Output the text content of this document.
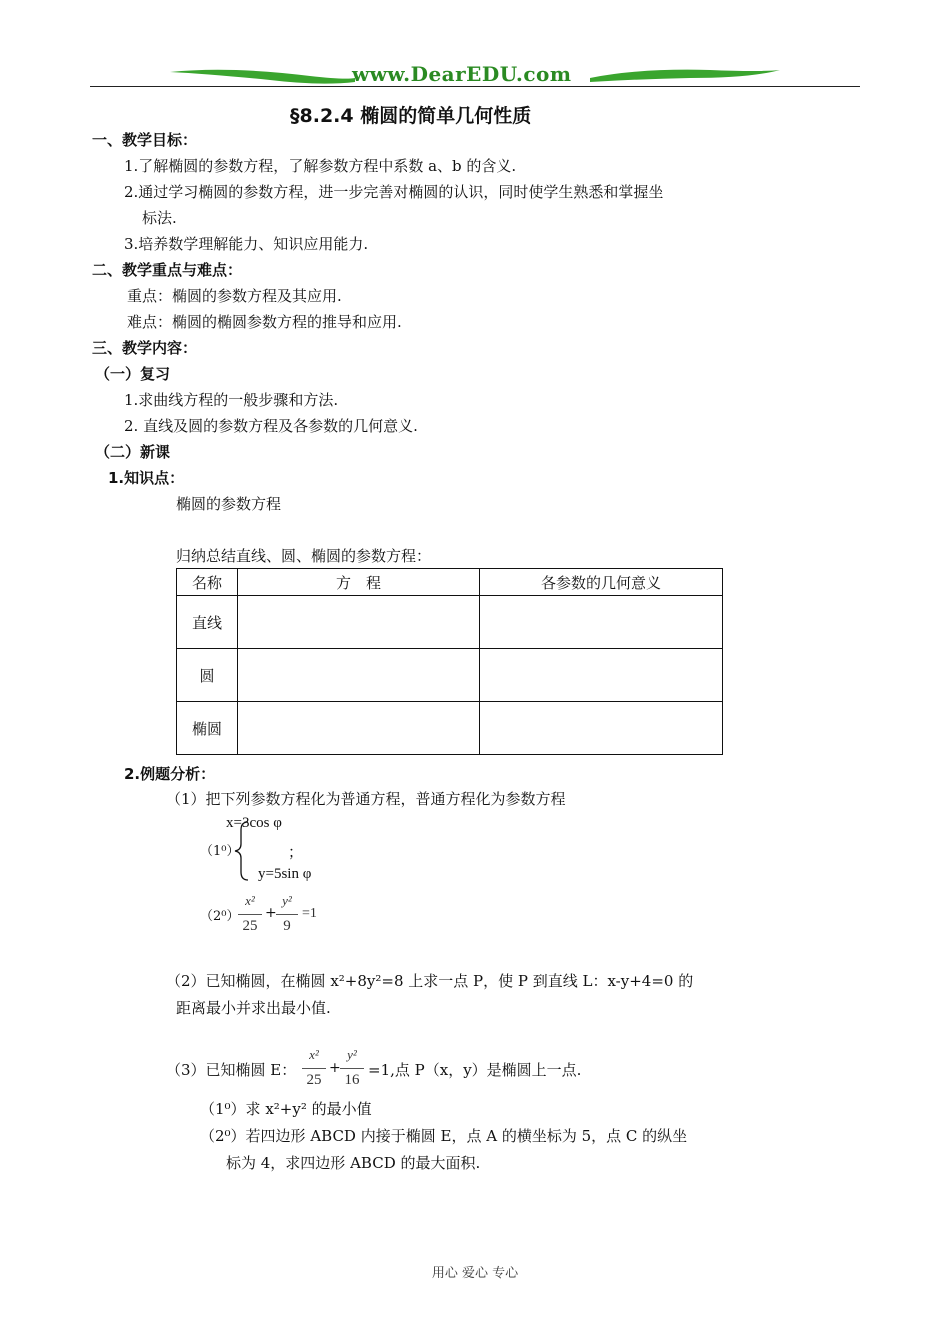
www.DearEDU.com
§8.2.4 椭圆的简单几何性质
一、教学目标：
1.了解椭圆的参数方程，了解参数方程中系数 a、b 的含义.
2.通过学习椭圆的参数方程，进一步完善对椭圆的认识，同时使学生熟悉和掌握坐
标法.
3.培养数学理解能力、知识应用能力.
二、教学重点与难点：
重点：椭圆的参数方程及其应用.
难点：椭圆的椭圆参数方程的推导和应用.
三、教学内容：
（一）复习
1.求曲线方程的一般步骤和方法.
2. 直线及圆的参数方程及各参数的几何意义.
（二）新课
1.知识点：
椭圆的参数方程
归纳总结直线、圆、椭圆的参数方程：
名称	方　程	各参数的几何意义
直线		
圆		
椭圆		
2.例题分析：
（1）把下列参数方程化为普通方程，普通方程化为参数方程
（1⁰）
x=3cos φ
；
y=5sin φ
（2⁰）
x²
25
+
y²
9
=1
（2）已知椭圆，在椭圆 x²+8y²=8 上求一点 P，使 P 到直线 L：x-y+4=0 的
距离最小并求出最小值.
（3）已知椭圆 E：
x²
25
+
y²
16
=1,点 P（x，y）是椭圆上一点.
（1⁰）求 x²+y² 的最小值
（2⁰）若四边形 ABCD 内接于椭圆 E，点 A 的横坐标为 5，点 C 的纵坐
标为 4，求四边形 ABCD 的最大面积.
用心 爱心 专心
